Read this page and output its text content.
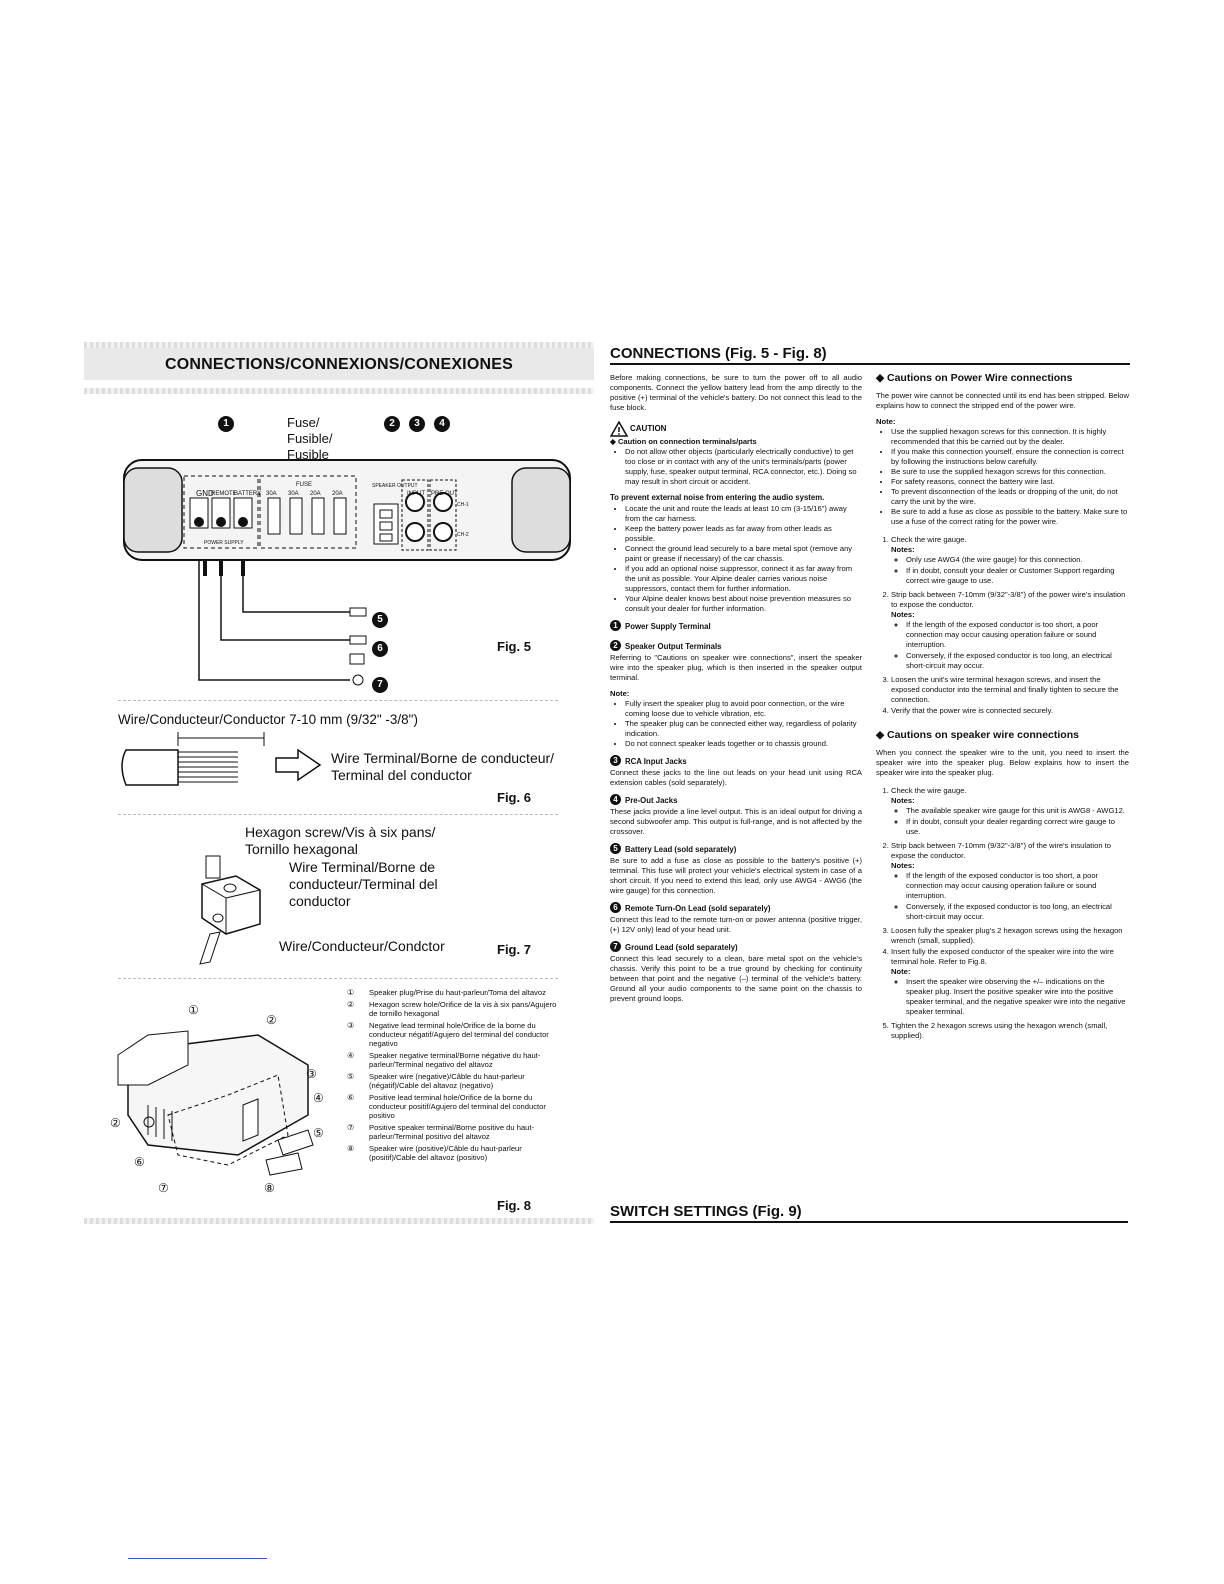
CONNECTIONS/CONNEXIONS/CONEXIONES
Fuse/
Fusible/
Fusible
1	2	3	4
GND
REMOTE
BATTERY
FUSE
30A 30A 20A 20A
SPEAKER OUTPUT
INPUT PRE OUT
POWER SUPPLY
CH-1
CH-2
5
6
7
Fig. 5
Wire/Conducteur/Conductor 7-10 mm (9/32" -3/8")
Wire Terminal/Borne de conducteur/
Terminal del conductor
Fig. 6
Hexagon screw/Vis à six pans/
Tornillo hexagonal
Wire Terminal/Borne de
conducteur/Terminal del
conductor
Wire/Conducteur/Condctor	Fig. 7
①
②
③
④
⑤
⑥
⑦	⑧
②
①	Speaker plug/Prise du haut-parleur/Toma del altavoz
②	Hexagon screw hole/Orifice de la vis à six pans/Agujero de tornillo hexagonal
③	Negative lead terminal hole/Orifice de la borne du conducteur négatif/Agujero del terminal del conductor negativo
④	Speaker negative terminal/Borne négative du haut-parleur/Terminal negativo del altavoz
⑤	Speaker wire (negative)/Câble du haut-parleur (négatif)/Cable del altavoz (negativo)
⑥	Positive lead terminal hole/Orifice de la borne du conducteur positif/Agujero del terminal del conductor positivo
⑦	Positive speaker terminal/Borne positive du haut-parleur/Terminal positivo del altavoz
⑧	Speaker wire (positive)/Câble du haut-parleur (positif)/Cable del altavoz (positivo)
Fig. 8
CONNECTIONS (Fig. 5 - Fig. 8)

Before making connections, be sure to turn the power off to all audio components. Connect the yellow battery lead from the amp directly to the positive (+) terminal of the vehicle's battery. Do not connect this lead to the fuse block.

CAUTION
◆ Caution on connection terminals/parts
• Do not allow other objects (particularly electrically conductive) to get too close or in contact with any of the unit's terminals/parts (power supply, fuse, speaker output terminal, RCA connector, etc.). Doing so may result in short circuit or accident.
To prevent external noise from entering the audio system.
• Locate the unit and route the leads at least 10 cm (3-15/16") away from the car harness.
• Keep the battery power leads as far away from other leads as possible.
• Connect the ground lead securely to a bare metal spot (remove any paint or grease if necessary) of the car chassis.
• If you add an optional noise suppressor, connect it as far away from the unit as possible. Your Alpine dealer carries various noise suppressors, contact them for further information.
• Your Alpine dealer knows best about noise prevention measures so consult your dealer for further information.
1 Power Supply Terminal
2 Speaker Output Terminals

Referring to "Cautions on speaker wire connections", insert the speaker wire into the speaker plug, which is then inserted in the speaker output terminal.

Note:
• Fully insert the speaker plug to avoid poor connection, or the wire coming loose due to vehicle vibration, etc.
• The speaker plug can be connected either way, regardless of polarity indication.
• Do not connect speaker leads together or to chassis ground.
3 RCA Input Jacks

Connect these jacks to the line out leads on your head unit using RCA extension cables (sold separately).

4 Pre-Out Jacks

These jacks provide a line level output. This is an ideal output for driving a second subwoofer amp. This output is full-range, and is not affected by the crossover.

5 Battery Lead (sold separately)

Be sure to add a fuse as close as possible to the battery's positive (+) terminal. This fuse will protect your vehicle's electrical system in case of a short circuit. If you need to extend this lead, only use AWG4 - AWG6 (the wire gauge) for this connection.

6 Remote Turn-On Lead (sold separately)

Connect this lead to the remote turn-on or power antenna (positive trigger, (+) 12V only) lead of your head unit.

7 Ground Lead (sold separately)

Connect this lead securely to a clean, bare metal spot on the vehicle's chassis. Verify this point to be a true ground by checking for continuity between that point and the negative (–) terminal of the vehicle's battery. Ground all your audio components to the same point on the chassis to prevent ground loops.

◆ Cautions on Power Wire connections

The power wire cannot be connected until its end has been stripped. Below explains how to connect the stripped end of the power wire.

Note:
• Use the supplied hexagon screws for this connection. It is highly recommended that this be carried out by the dealer.
• If you make this connection yourself, ensure the connection is correct by following the instructions below carefully.
• Be sure to use the supplied hexagon screws for this connection.
• For safety reasons, connect the battery wire last.
• To prevent disconnection of the leads or dropping of the unit, do not carry the unit by the wire.
• Be sure to add a fuse as close as possible to the battery. Make sure to use a fuse of the correct rating for the power wire.
1. Check the wire gauge.
Notes:
◦ Only use AWG4 (the wire gauge) for this connection.
◦ If in doubt, consult your dealer or Customer Support regarding correct wire gauge to use.
2. Strip back between 7-10mm (9/32"-3/8") of the power wire's insulation to expose the conductor.
Notes:
◦ If the length of the exposed conductor is too short, a poor connection may occur causing operation failure or sound interruption.
◦ Conversely, if the exposed conductor is too long, an electrical short-circuit may occur.
3. Loosen the unit's wire terminal hexagon screws, and insert the exposed conductor into the terminal and finally tighten to secure the connection.
4. Verify that the power wire is connected securely.
◆ Cautions on speaker wire connections

When you connect the speaker wire to the unit, you need to insert the speaker wire into the speaker plug. Below explains how to insert the speaker wire into the speaker plug.

1. Check the wire gauge.
Notes:
◦ The available speaker wire gauge for this unit is AWG8 - AWG12.
◦ If in doubt, consult your dealer regarding correct wire gauge to use.
2. Strip back between 7-10mm (9/32"-3/8") of the wire's insulation to expose the conductor.
Notes:
◦ If the length of the exposed conductor is too short, a poor connection may occur causing operation failure or sound interruption.
◦ Conversely, if the exposed conductor is too long, an electrical short-circuit may occur.
3. Loosen fully the speaker plug's 2 hexagon screws using the hexagon wrench (small, supplied).
4. Insert fully the exposed conductor of the speaker wire into the wire terminal hole. Refer to Fig.8.
Note:
◦ Insert the speaker wire observing the +/– indications on the speaker plug. Insert the positive speaker wire into the positive speaker terminal, and the negative speaker wire into the negative speaker terminal.
5. Tighten the 2 hexagon screws using the hexagon wrench (small, supplied).
SWITCH SETTINGS (Fig. 9)
